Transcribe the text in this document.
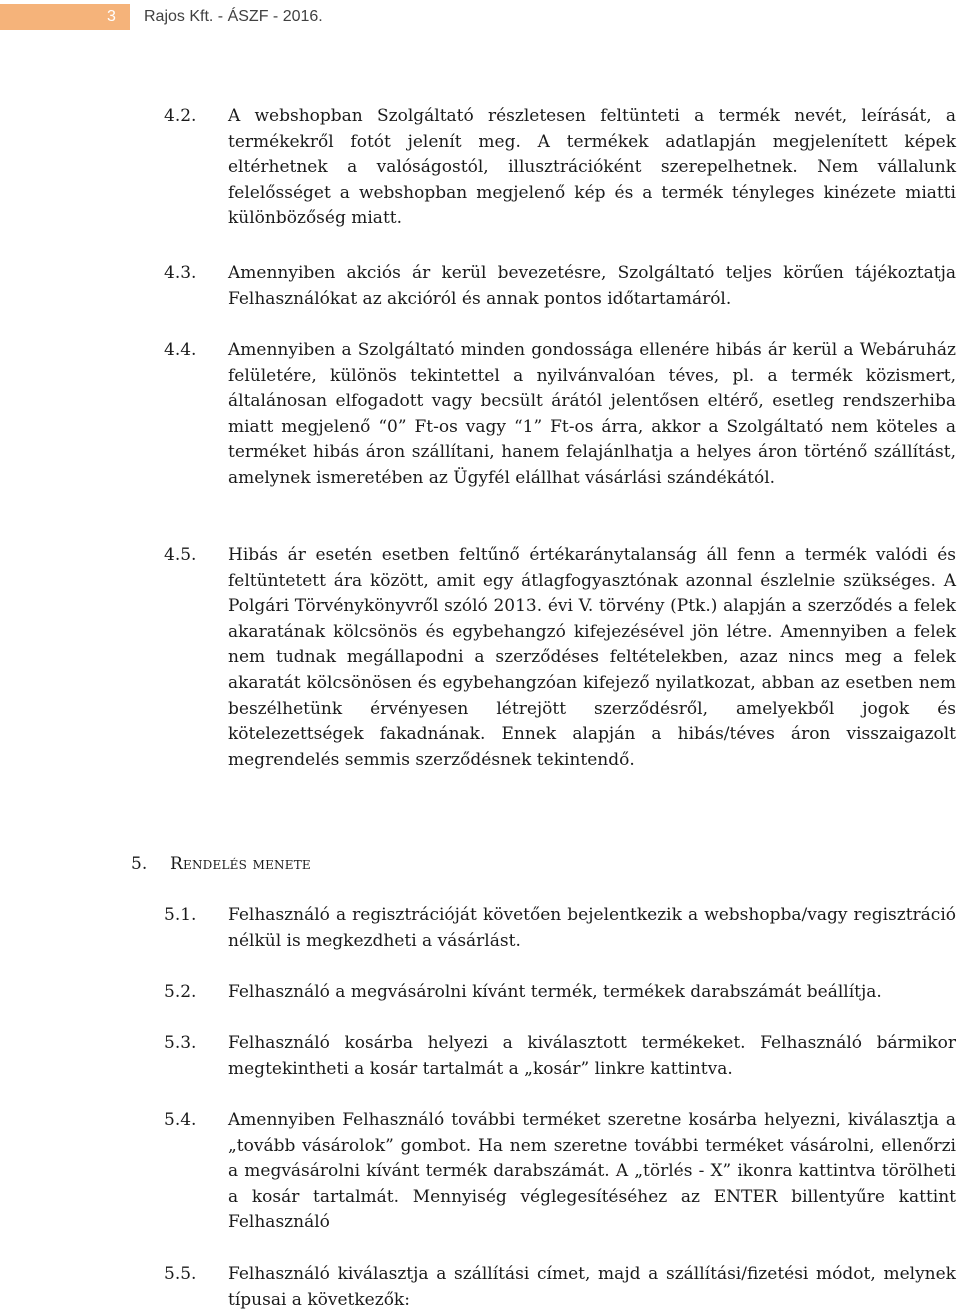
3 Rajos Kft. - ÁSZF - 2016.
4.2. A webshopban Szolgáltató részletesen feltünteti a termék nevét, leírását, a termékekről fotót jelenít meg. A termékek adatlapján megjelenített képek eltérhetnek a valóságostól, illusztrációként szerepelhetnek. Nem vállalunk felelősséget a webshopban megjelenő kép és a termék tényleges kinézete miatti különbözőség miatt.
4.3. Amennyiben akciós ár kerül bevezetésre, Szolgáltató teljes körűen tájékoztatja Felhasználókat az akcióról és annak pontos időtartamáról.
4.4. Amennyiben a Szolgáltató minden gondossága ellenére hibás ár kerül a Webáruház felületére, különös tekintettel a nyilvánvalóan téves, pl. a termék közismert, általánosan elfogadott vagy becsült árától jelentősen eltérő, esetleg rendszerhiba miatt megjelenő “0” Ft-os vagy “1” Ft-os árra, akkor a Szolgáltató nem köteles a terméket hibás áron szállítani, hanem felajánlhatja a helyes áron történő szállítást, amelynek ismeretében az Ügyfél elállhat vásárlási szándékától.
4.5. Hibás ár esetén esetben feltűnő értékaránytalanság áll fenn a termék valódi és feltüntetett ára között, amit egy átlagfogyasztónak azonnal észlelnie szükséges. A Polgári Törvénykönyvről szóló 2013. évi V. törvény (Ptk.) alapján a szerződés a felek akaratának kölcsönös és egybehangzó kifejezésével jön létre. Amennyiben a felek nem tudnak megállapodni a szerződéses feltételekben, azaz nincs meg a felek akaratát kölcsönösen és egybehangzóan kifejező nyilatkozat, abban az esetben nem beszélhetünk érvényesen létrejött szerződésről, amelyekből jogok és kötelezettségek fakadnának. Ennek alapján a hibás/téves áron visszaigazolt megrendelés semmis szerződésnek tekintendő.
5. Rendelés menete
5.1. Felhasználó a regisztrációját követően bejelentkezik a webshopba/vagy regisztráció nélkül is megkezdheti a vásárlást.
5.2. Felhasználó a megvásárolni kívánt termék, termékek darabszámát beállítja.
5.3. Felhasználó kosárba helyezi a kiválasztott termékeket. Felhasználó bármikor megtekintheti a kosár tartalmát a „kosár” linkre kattintva.
5.4. Amennyiben Felhasználó további terméket szeretne kosárba helyezni, kiválasztja a „tovább vásárolok” gombot. Ha nem szeretne további terméket vásárolni, ellenőrzi a megvásárolni kívánt termék darabszámát. A „törlés - X” ikonra kattintva törölheti a kosár tartalmát. Mennyiség véglegesítéséhez az ENTER billentyűre kattint Felhasználó
5.5. Felhasználó kiválasztja a szállítási címet, majd a szállítási/fizetési módot, melynek típusai a következők:
